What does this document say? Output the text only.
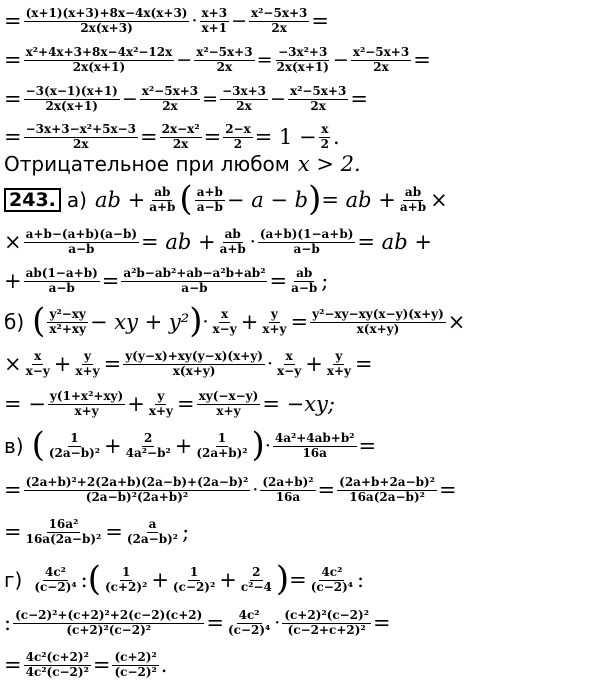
= $\frac{(x+1)(x+3)+8x-4x(x+3)}{2x(x+3)} \cdot \frac{x+3}{x+1} - \frac{\text{x²−5x+3}}{2x}$ =
= $\frac{\text{x²+4x+3+8x−4x²−12x}}{2x(x+1)} - \frac{\text{x²−5x+3}}{2x} = \frac{\text{−3x²+3}}{2x(x+1)} - \frac{\text{x²−5x+3}}{2x}$ =
= $\frac{-3(x-1)(x+1)}{2x(x+1)} - \frac{\text{x²−5x+3}}{2x} = \frac{-3x+3}{2x} - \frac{\text{x²−5x+3}}{2x}$ =
= $\frac{\text{−3x+3−x²+5x−3}}{2x} = \frac{\text{2x−x²}}{2x} = \frac{2-x}{2} = 1 - \frac{x}{2}$ .
Отрицательное при любом x > 2.
243. а) ab + $\frac{ab}{a+b}$ ( $\frac{a+b}{a-b} - a - b$ ) = ab + $\frac{ab}{a+b}$ ×
× $\frac{a+b-(a+b)(a-b)}{a-b}$ = ab + $\frac{ab}{a+b} \cdot \frac{(a+b)(1-a+b)}{a-b}$ = ab +
+ $\frac{ab(1-a+b)}{a-b} = \frac{\text{a²b−ab²+ab−a²b+ab²}}{a-b} = \frac{ab}{a-b}$ ;
б) ( $\frac{\text{y²−xy}}{\text{x²+xy}}$ − xy + y² ) · $\frac{x}{x-y} + \frac{y}{x+y} = \frac{\text{y²−xy−xy(x−y)(x+y)}}{x(x+y)}$ ×
× $\frac{x}{x-y} + \frac{y}{x+y} = \frac{y(y-x)+xy(y-x)(x+y)}{x(x+y)} \cdot \frac{x}{x-y} + \frac{y}{x+y}$ =
= − $\frac{\text{y(1+x²+xy)}}{x+y} + \frac{y}{x+y} = \frac{xy(-x-y)}{x+y} = -xy$;
в) ( $\frac{1}{\text{(2a−b)²}} + \frac{2}{\text{4a²−b²}} + \frac{1}{\text{(2a+b)²}}$ ) · $\frac{\text{4a²+4ab+b²}}{16a}$ =
= $\frac{\text{(2a+b)²+2(2a+b)(2a−b)+(2a−b)²}}{\text{(2a−b)²(2a+b)²}} \cdot \frac{\text{(2a+b)²}}{16a} = \frac{\text{(2a+b+2a−b)²}}{\text{16a(2a−b)²}}$ =
= $\frac{\text{16a²}}{\text{16a(2a−b)²}} = \frac{a}{\text{(2a−b)²}}$ ;
$г) \frac{\text{4c²}}{\text{(c−2)⁴}}$ : ( $\frac{1}{\text{(c+2)²}} + \frac{1}{\text{(c−2)²}} + \frac{2}{\text{c²−4}}$ ) = $\frac{\text{4c²}}{\text{(c−2)⁴}}$ :
: $\frac{\text{(c−2)²+(c+2)²+2(c−2)(c+2)}}{\text{(c+2)²(c−2)²}} = \frac{\text{4c²}}{\text{(c−2)⁴}} \cdot \frac{\text{(c+2)²(c−2)²}}{\text{(c−2+c+2)²}}$ =
= $\frac{\text{4c²(c+2)²}}{\text{4c²(c−2)²}} = \frac{\text{(c+2)²}}{\text{(c−2)²}}$ .
